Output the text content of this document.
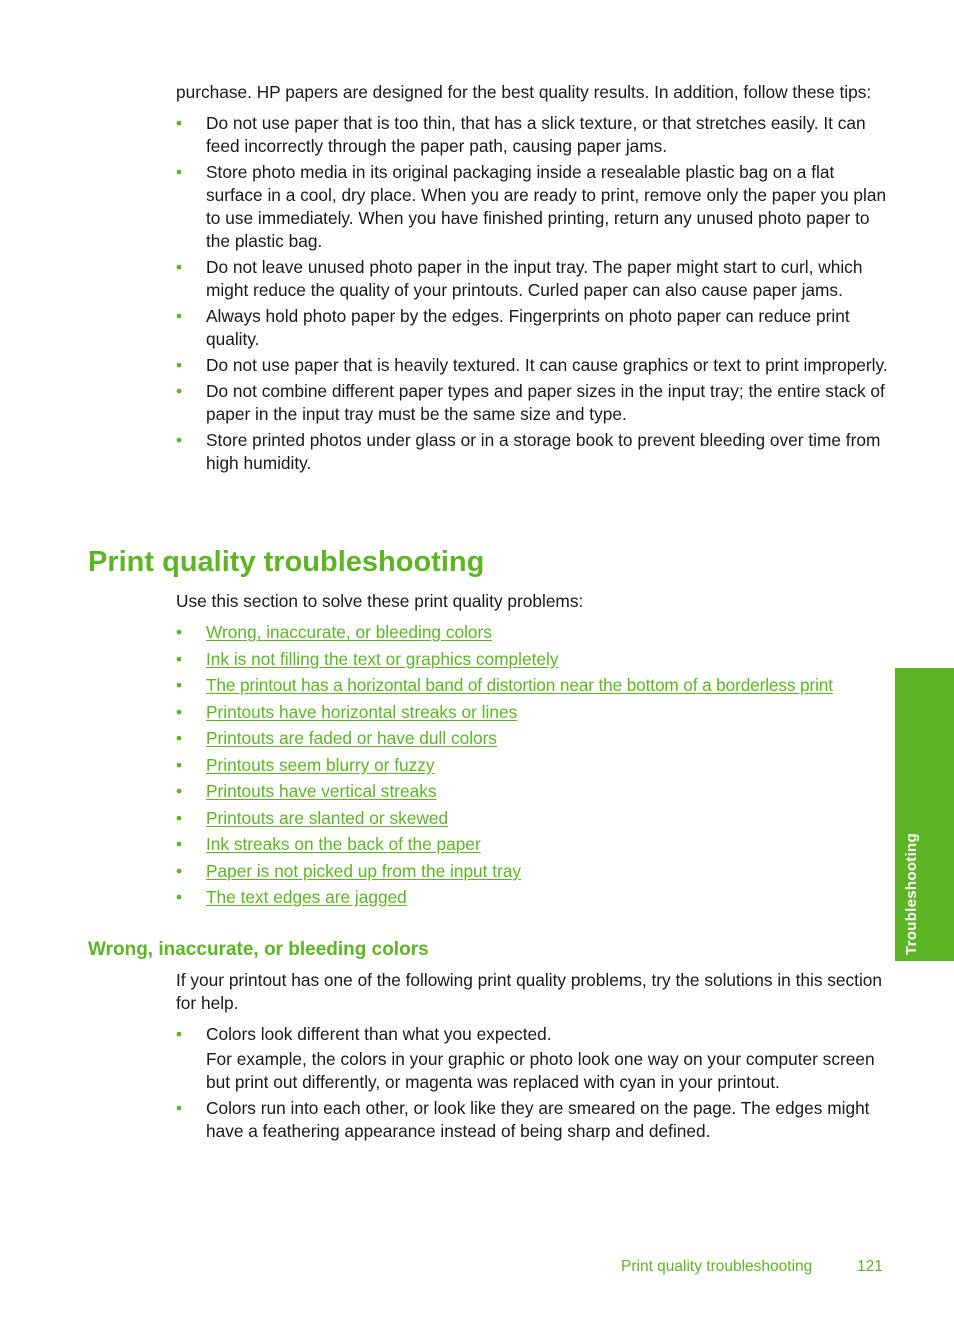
purchase. HP papers are designed for the best quality results. In addition, follow these tips:

• Do not use paper that is too thin, that has a slick texture, or that stretches easily. It can feed incorrectly through the paper path, causing paper jams.
• Store photo media in its original packaging inside a resealable plastic bag on a flat surface in a cool, dry place. When you are ready to print, remove only the paper you plan to use immediately. When you have finished printing, return any unused photo paper to the plastic bag.
• Do not leave unused photo paper in the input tray. The paper might start to curl, which might reduce the quality of your printouts. Curled paper can also cause paper jams.
• Always hold photo paper by the edges. Fingerprints on photo paper can reduce print quality.
• Do not use paper that is heavily textured. It can cause graphics or text to print improperly.
• Do not combine different paper types and paper sizes in the input tray; the entire stack of paper in the input tray must be the same size and type.
• Store printed photos under glass or in a storage book to prevent bleeding over time from high humidity.
Print quality troubleshooting

Use this section to solve these print quality problems:

• Wrong, inaccurate, or bleeding colors
• Ink is not filling the text or graphics completely
• The printout has a horizontal band of distortion near the bottom of a borderless print
• Printouts have horizontal streaks or lines
• Printouts are faded or have dull colors
• Printouts seem blurry or fuzzy
• Printouts have vertical streaks
• Printouts are slanted or skewed
• Ink streaks on the back of the paper
• Paper is not picked up from the input tray
• The text edges are jagged
Wrong, inaccurate, or bleeding colors

If your printout has one of the following print quality problems, try the solutions in this section for help.

• Colors look different than what you expected.
For example, the colors in your graphic or photo look one way on your computer screen but print out differently, or magenta was replaced with cyan in your printout.
• Colors run into each other, or look like they are smeared on the page. The edges might have a feathering appearance instead of being sharp and defined.
Troubleshooting
Print quality troubleshooting	121
